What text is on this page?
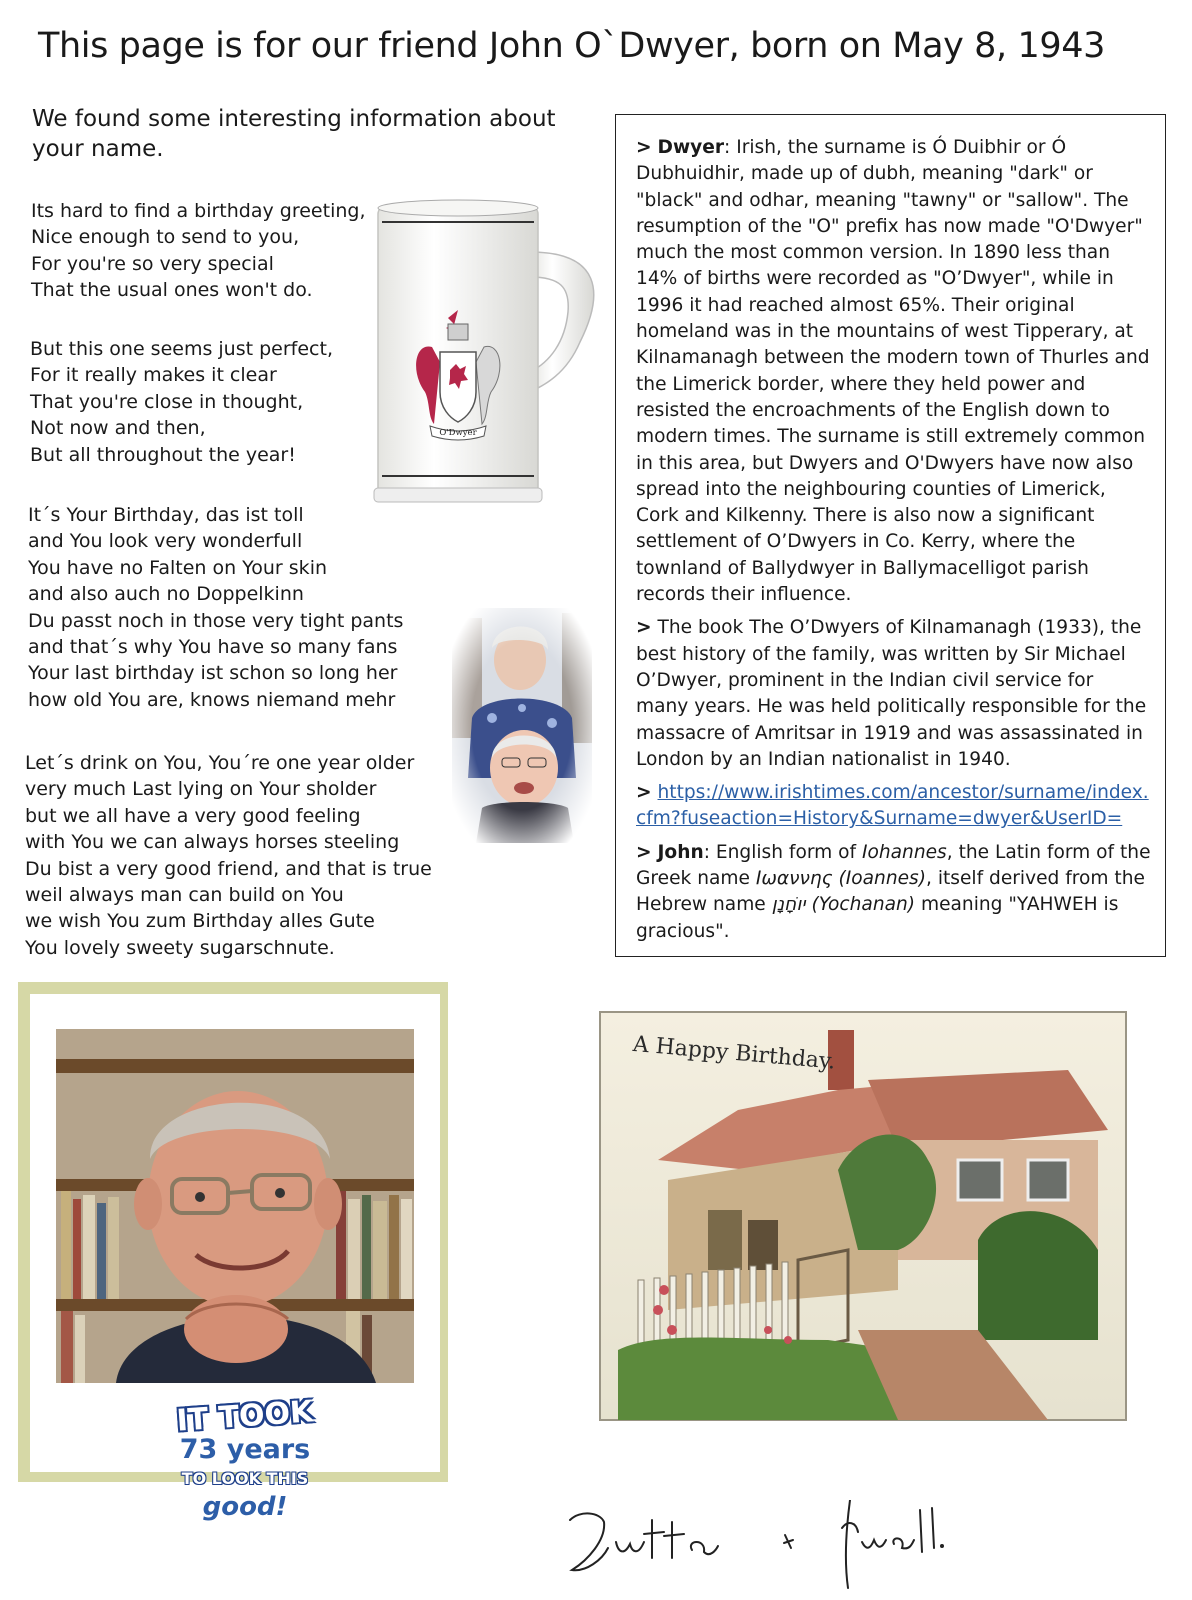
This page is for our friend John O`Dwyer, born on May 8, 1943
We found some interesting information about your name.
Its hard to find a birthday greeting,
Nice enough to send to you,
For you're so very special
That the usual ones won't do.
But this one seems just perfect,
For it really makes it clear
That you're close in thought,
Not now and then,
But all throughout the year!
It´s Your Birthday, das ist toll
and You look very wonderfull
You have no Falten on Your skin
and also auch no Doppelkinn
Du passt noch in those very tight pants
and that´s why You have so many fans
Your last birthday ist schon so long her
how old You are, knows niemand mehr
Let´s drink on You, You´re one year older
very much Last lying on Your sholder
but we all have a very good feeling
with You we can always horses steeling
Du bist a very good friend, and that is true
weil always man can build on You
we wish You zum Birthday alles Gute
You lovely sweety sugarschnute.
O'Dwyer

> Dwyer: Irish, the surname is Ó Duibhir or Ó Dubhuidhir, made up of dubh, meaning "dark" or "black" and odhar, meaning "tawny" or "sallow". The resumption of the "O" prefix has now made "O'Dwyer" much the most common version. In 1890 less than 14% of births were recorded as "O’Dwyer", while in 1996 it had reached almost 65%. Their original homeland was in the mountains of west Tipperary, at Kilnamanagh between the modern town of Thurles and the Limerick border, where they held power and resisted the encroachments of the English down to modern times. The surname is still extremely common in this area, but Dwyers and O'Dwyers have now also spread into the neighbouring counties of Limerick, Cork and Kilkenny. There is also now a significant settlement of O’Dwyers in Co. Kerry, where the townland of Ballydwyer in Ballymacelligot parish records their influence.

> The book The O’Dwyers of Kilnamanagh (1933), the best history of the family, was written by Sir Michael O’Dwyer, prominent in the Indian civil service for many years. He was held politically responsible for the massacre of Amritsar in 1919 and was assassinated in London by an Indian nationalist in 1940.

> https://www.irishtimes.com/ancestor/surname/index.cfm?fuseaction=History&Surname=dwyer&UserID=

> John: English form of Iohannes, the Latin form of the Greek name Ιωαννης (Ioannes), itself derived from the Hebrew name יוֹחָנָן (Yochanan) meaning "YAHWEH is gracious".

IT TOOK
73 years
TO LOOK THIS
good!
A Happy Birthday.
